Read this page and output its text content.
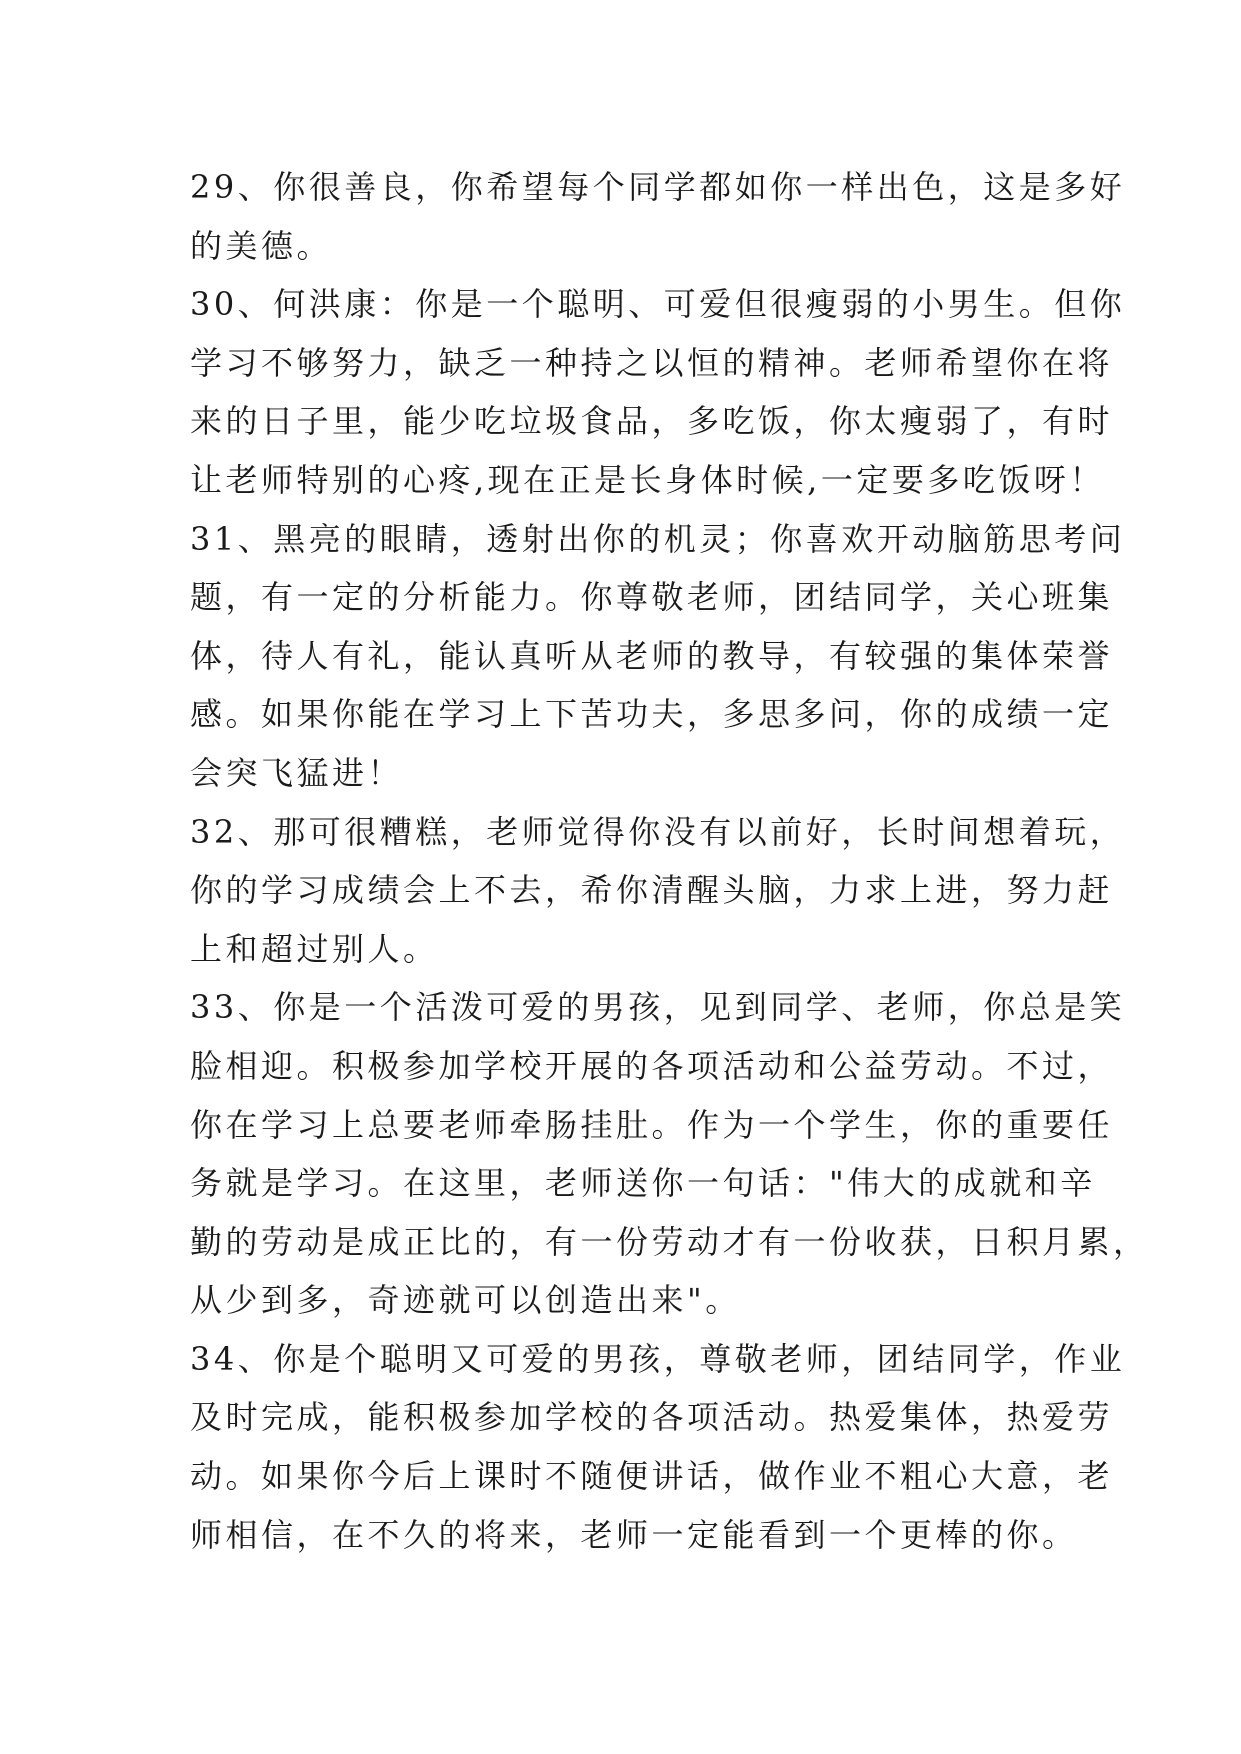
29、你很善良，你希望每个同学都如你一样出色，这是多好
的美德。
30、何洪康：你是一个聪明、可爱但很瘦弱的小男生。但你
学习不够努力，缺乏一种持之以恒的精神。老师希望你在将
来的日子里，能少吃垃圾食品，多吃饭，你太瘦弱了，有时
让老师特别的心疼,现在正是长身体时候,一定要多吃饭呀！
31、黑亮的眼睛，透射出你的机灵；你喜欢开动脑筋思考问
题，有一定的分析能力。你尊敬老师，团结同学，关心班集
体，待人有礼，能认真听从老师的教导，有较强的集体荣誉
感。如果你能在学习上下苦功夫，多思多问，你的成绩一定
会突飞猛进！
32、那可很糟糕，老师觉得你没有以前好，长时间想着玩，
你的学习成绩会上不去，希你清醒头脑，力求上进，努力赶
上和超过别人。
33、你是一个活泼可爱的男孩，见到同学、老师，你总是笑
脸相迎。积极参加学校开展的各项活动和公益劳动。不过，
你在学习上总要老师牵肠挂肚。作为一个学生，你的重要任
务就是学习。在这里，老师送你一句话："伟大的成就和辛
勤的劳动是成正比的，有一份劳动才有一份收获，日积月累，
从少到多，奇迹就可以创造出来"。
34、你是个聪明又可爱的男孩，尊敬老师，团结同学，作业
及时完成，能积极参加学校的各项活动。热爱集体，热爱劳
动。如果你今后上课时不随便讲话，做作业不粗心大意，老
师相信，在不久的将来，老师一定能看到一个更棒的你。
